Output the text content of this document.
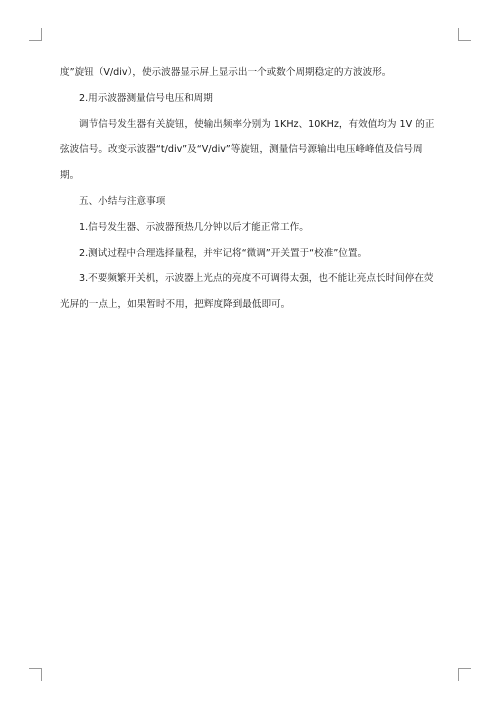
度”旋钮（V/div），使示波器显示屏上显示出一个或数个周期稳定的方波波形。

2.用示波器测量信号电压和周期

调节信号发生器有关旋钮，使输出频率分别为 1KHz、10KHz，有效值均为 1V 的正弦波信号。改变示波器“t/div”及“V/div”等旋钮，测量信号源输出电压峰峰值及信号周期。

五、小结与注意事项

1.信号发生器、示波器预热几分钟以后才能正常工作。

2.测试过程中合理选择量程，并牢记将“微调”开关置于“校准”位置。

3.不要频繁开关机，示波器上光点的亮度不可调得太强，也不能让亮点长时间停在荧光屏的一点上，如果暂时不用，把辉度降到最低即可。
